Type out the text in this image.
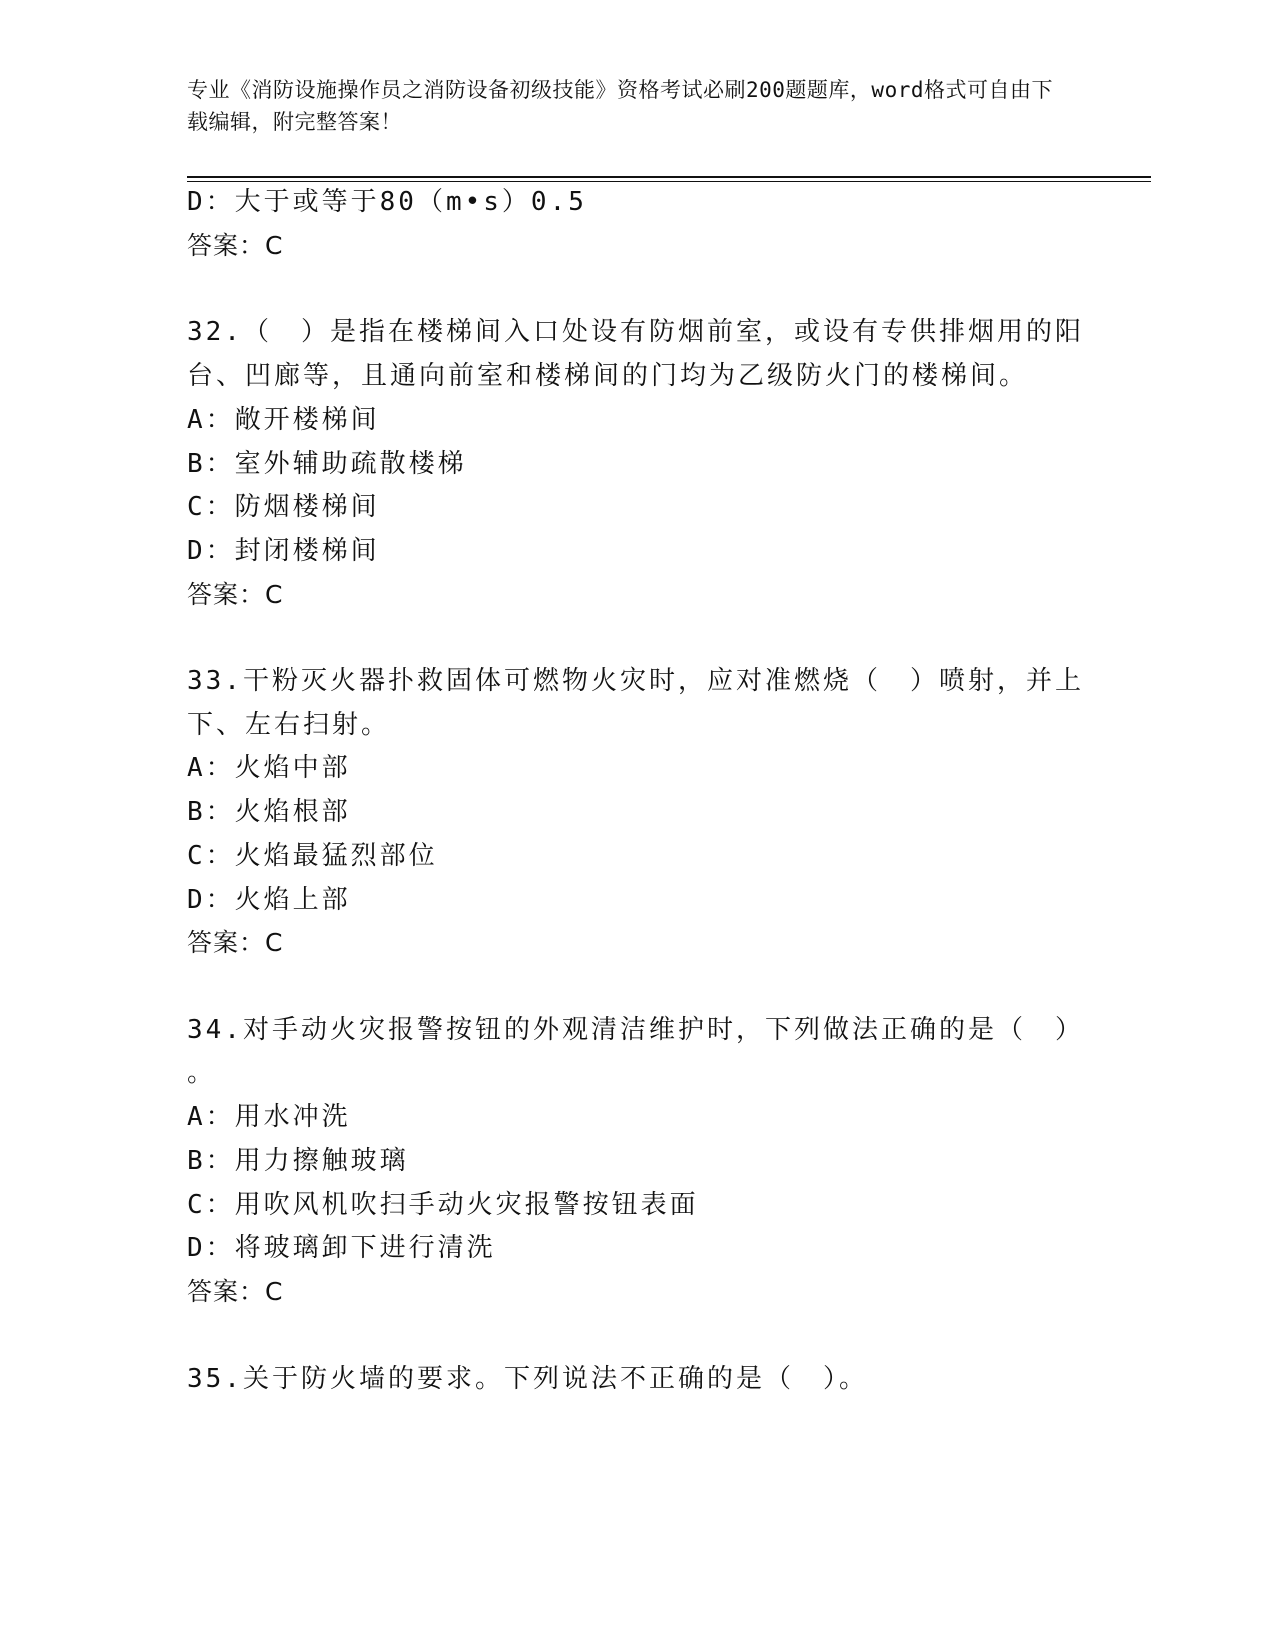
专业《消防设施操作员之消防设备初级技能》资格考试必刷200题题库，word格式可自由下载编辑，附完整答案！
D：大于或等于80（m•s）0.5
答案：C
32.（　）是指在楼梯间入口处设有防烟前室，或设有专供排烟用的阳
台、凹廊等，且通向前室和楼梯间的门均为乙级防火门的楼梯间。
A：敞开楼梯间
B：室外辅助疏散楼梯
C：防烟楼梯间
D：封闭楼梯间
答案：C
33.干粉灭火器扑救固体可燃物火灾时，应对准燃烧（　）喷射，并上
下、左右扫射。
A：火焰中部
B：火焰根部
C：火焰最猛烈部位
D：火焰上部
答案：C
34.对手动火灾报警按钮的外观清洁维护时，下列做法正确的是（　）
。
A：用水冲洗
B：用力擦触玻璃
C：用吹风机吹扫手动火灾报警按钮表面
D：将玻璃卸下进行清洗
答案：C
35.关于防火墙的要求。下列说法不正确的是（　）。
